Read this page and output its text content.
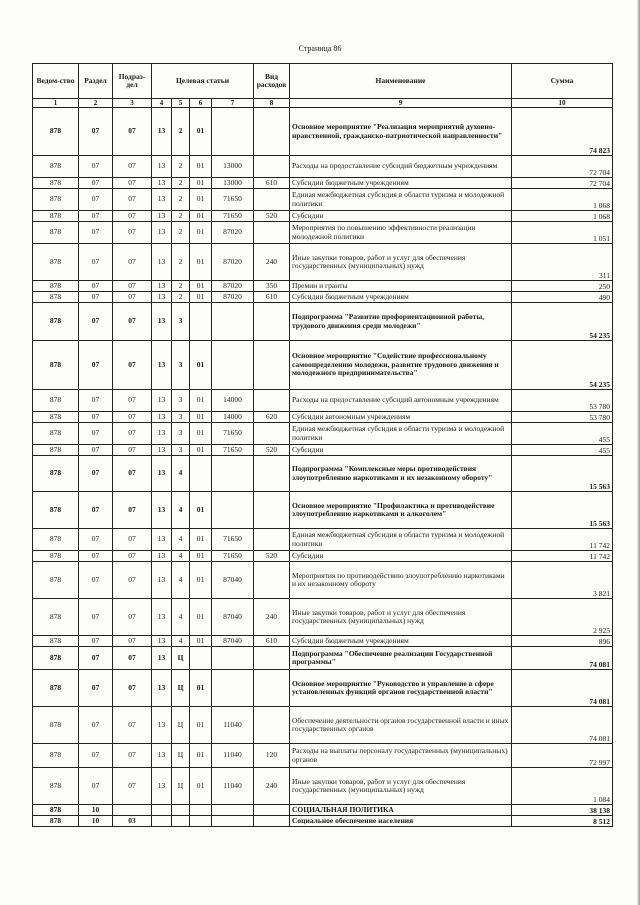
Страница 86
Ведом-ство	Раздел	Подраз-дел	Целевая статьи				Вид расходов	Наименование	Сумма
1	2	3	4	5	6	7	8	9	10
878	07	07	13	2	01			Основное мероприятие "Реализация мероприятий духовно-нравственной, гражданско-патриотической направленности"	74 823
878	07	07	13	2	01	13000		Расходы на предоставление субсидий бюджетным учреждениям	72 704
878	07	07	13	2	01	13000	610	Субсидии бюджетным учреждениям	72 704
878	07	07	13	2	01	71650		Единая межбюджетная субсидия в области туризма и молодежной политики	1 068
878	07	07	13	2	01	71650	520	Субсидии	1 068
878	07	07	13	2	01	87020		Мероприятия по повышению эффективности реализации молодежной политики	1 051
878	07	07	13	2	01	87020	240	Иные закупки товаров, работ и услуг для обеспечения государственных (муниципальных) нужд	311
878	07	07	13	2	01	87020	350	Премии и гранты	250
878	07	07	13	2	01	87020	610	Субсидии бюджетным учреждениям	490
878	07	07	13	3				Подпрограмма "Развитие профориентационной работы, трудового движения среди молодежи"	54 235
878	07	07	13	3	01			Основное мероприятие "Содействие профессиональному самоопределению молодежи, развитие трудового движения и молодежного предпринимательства"	54 235
878	07	07	13	3	01	14000		Расходы на предоставление субсидий автономным учреждениям	53 780
878	07	07	13	3	01	14000	620	Субсидии автономным учреждениям	53 780
878	07	07	13	3	01	71650		Единая межбюджетная субсидия в области туризма и молодежной политики	455
878	07	07	13	3	01	71650	520	Субсидии	455
878	07	07	13	4				Подпрограмма "Комплексные меры противодействия злоупотреблению наркотиками и их незаконному обороту"	15 563
878	07	07	13	4	01			Основное мероприятие "Профилактика и противодействие злоупотреблению наркотиками и алкоголем"	15 563
878	07	07	13	4	01	71650		Единая межбюджетная субсидия в области туризма и молодежной политики	11 742
878	07	07	13	4	01	71650	520	Субсидии	11 742
878	07	07	13	4	01	87040		Мероприятия по противодействию злоупотреблению наркотиками и их незаконному обороту	3 821
878	07	07	13	4	01	87040	240	Иные закупки товаров, работ и услуг для обеспечения государственных (муниципальных) нужд	2 925
878	07	07	13	4	01	87040	610	Субсидии бюджетным учреждениям	896
878	07	07	13	Ц				Подпрограмма "Обеспечение реализации Государственной программы"	74 081
878	07	07	13	Ц	01			Основное мероприятие "Руководство и управление в сфере установленных функций органов государственной власти"	74 081
878	07	07	13	Ц	01	11040		Обеспечение деятельности органов государственной власти и иных государственных органов	74 081
878	07	07	13	Ц	01	11040	120	Расходы на выплаты персоналу государственных (муниципальных) органов	72 997
878	07	07	13	Ц	01	11040	240	Иные закупки товаров, работ и услуг для обеспечения государственных (муниципальных) нужд	1 084
878	10							СОЦИАЛЬНАЯ ПОЛИТИКА	38 138
878	10	03						Социальное обеспечение населения	8 512
